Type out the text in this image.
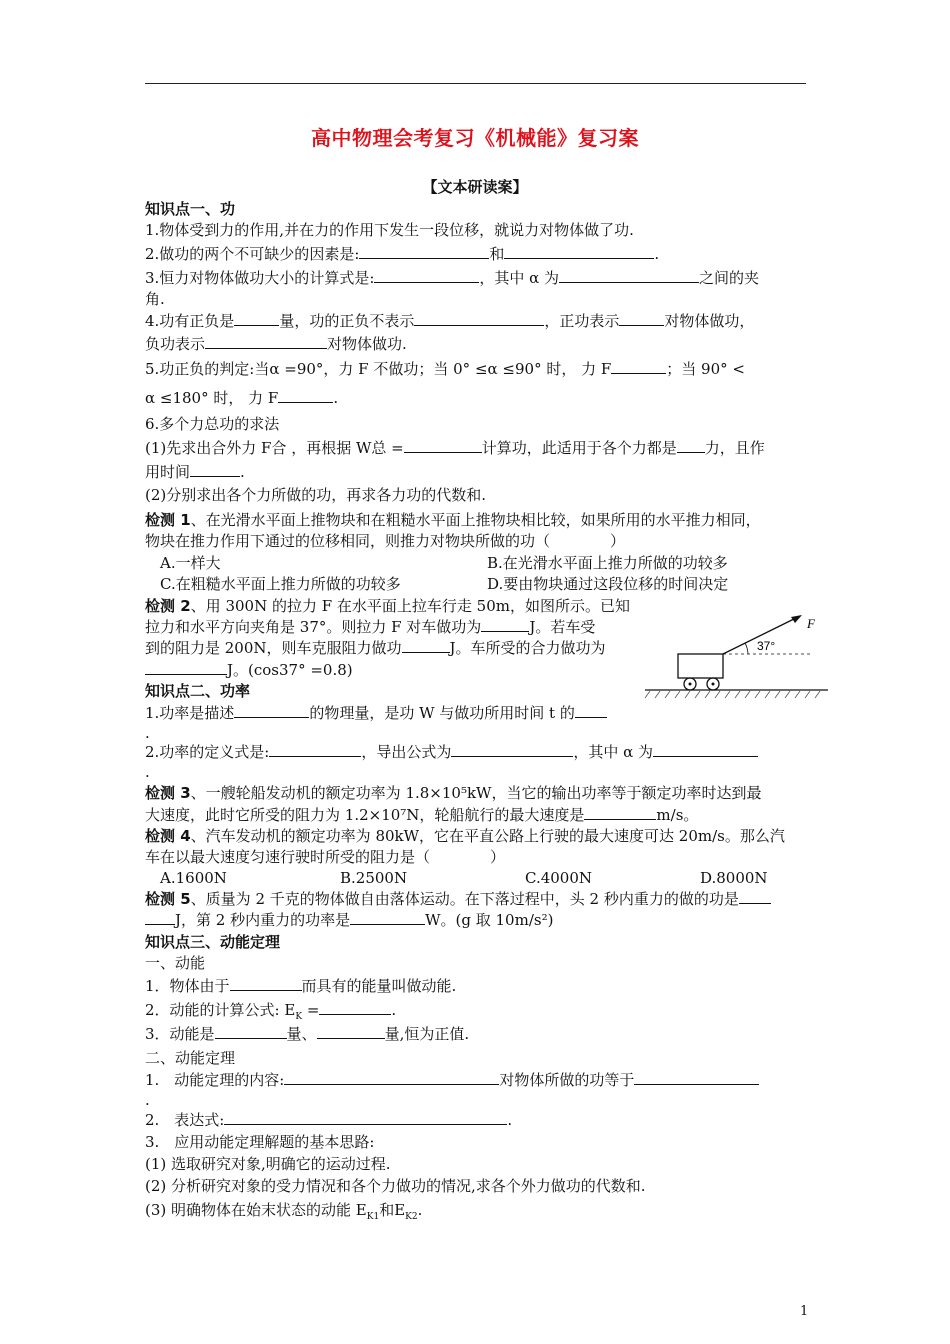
高中物理会考复习《机械能》复习案
【文本研读案】
知识点一、功
1.物体受到力的作用,并在力的作用下发生一段位移，就说力对物体做了功.
2.做功的两个不可缺少的因素是:	和	.
3.恒力对物体做功大小的计算式是:	，其中 α 为	之间的夹
角.
4.功有正负是	量，功的正负不表示	，正功表示	对物体做功，
负功表示	对物体做功.
5.功正负的判定:当α =90°，力 F 不做功；当 0° ≤α ≤90° 时， 力 F	；当 90° <
α ≤180° 时， 力 F	.
6.多个力总功的求法
(1)先求出合外力 F合 ，再根据 W总 =	计算功，此适用于各个力都是 力，且作
用时间	.
(2)分别求出各个力所做的功，再求各力功的代数和.
检测 1、在光滑水平面上推物块和在粗糙水平面上推物块相比较，如果所用的水平推力相同，
物块在推力作用下通过的位移相同，则推力对物块所做的功（　　　　）
A.一样大	B.在光滑水平面上推力所做的功较多
C.在粗糙水平面上推力所做的功较多	D.要由物块通过这段位移的时间决定
检测 2、用 300N 的拉力 F 在水平面上拉车行走 50m，如图所示。已知
拉力和水平方向夹角是 37°。则拉力 F 对车做功为	J。若车受
到的阻力是 200N，则车克服阻力做功	J。车所受的合力做功为
J。(cos37° =0.8)
F
37°
知识点二、功率
1.功率是描述	的物理量，是功 W 与做功所用时间 t 的
.
2.功率的定义式是:	，导出公式为	，其中 α 为
.
检测 3、一艘轮船发动机的额定功率为 1.8×10⁵kW，当它的输出功率等于额定功率时达到最
大速度，此时它所受的阻力为 1.2×10⁷N，轮船航行的最大速度是	m/s。
检测 4、汽车发动机的额定功率为 80kW，它在平直公路上行驶的最大速度可达 20m/s。那么汽
车在以最大速度匀速行驶时所受的阻力是（　　　　）
A.1600N	B.2500N	C.4000N	D.8000N
检测 5、质量为 2 千克的物体做自由落体运动。在下落过程中，头 2 秒内重力的做的功是
J，第 2 秒内重力的功率是	W。(g 取 10m/s²)
知识点三、动能定理
一、动能
1．物体由于	而具有的能量叫做动能.
2．动能的计算公式: $E_K$ =	.
3．动能是	量、	量,恒为正值.
二、动能定理
1.　动能定理的内容:	对物体所做的功等于
.
2.　表达式:	.
3.　应用动能定理解题的基本思路:
(1) 选取研究对象,明确它的运动过程.
(2) 分析研究对象的受力情况和各个力做功的情况,求各个外力做功的代数和.
(3) 明确物体在始末状态的动能 $E_{K1}$和$E_{K2}$.
1
